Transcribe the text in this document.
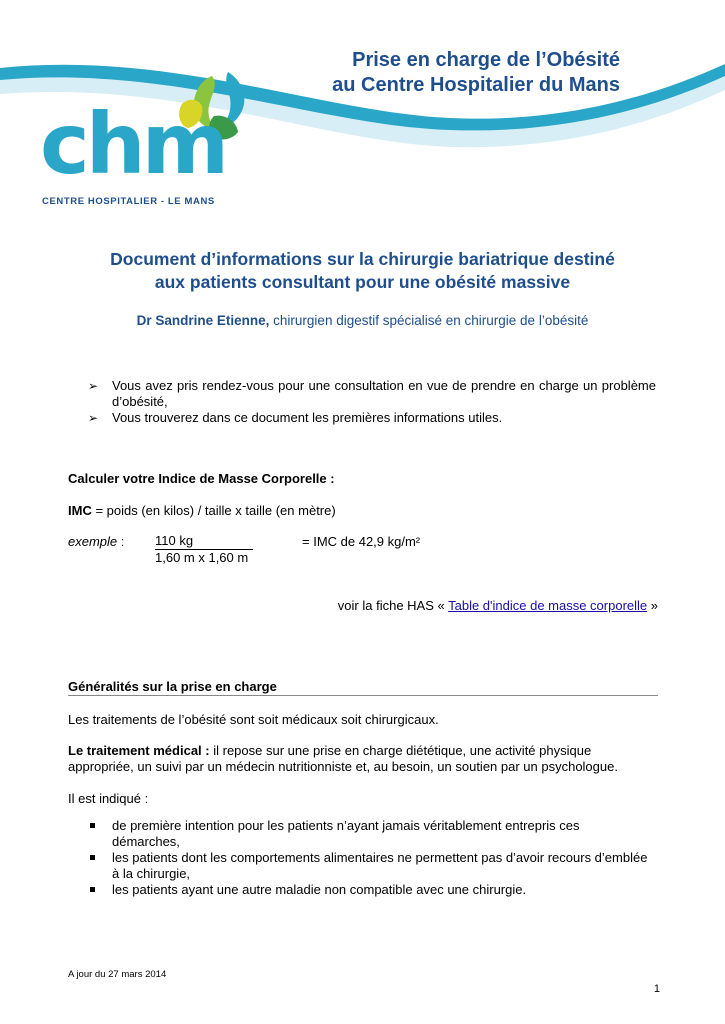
chm
CENTRE HOSPITALIER - LE MANS
Prise en charge de l’Obésité
au Centre Hospitalier du Mans
Document d’informations sur la chirurgie bariatrique destiné
aux patients consultant pour une obésité massive
Dr Sandrine Etienne, chirurgien digestif spécialisé en chirurgie de l’obésité
➢ Vous avez pris rendez-vous pour une consultation en vue de prendre en charge un problème d’obésité,
➢ Vous trouverez dans ce document les premières informations utiles.
Calculer votre Indice de Masse Corporelle :
IMC = poids (en kilos) / taille x taille (en mètre)
exemple : 110 kg
1,60 m x 1,60 m
= IMC de 42,9 kg/m²
voir la fiche HAS « Table d'indice de masse corporelle »
Généralités sur la prise en charge
Les traitements de l’obésité sont soit médicaux soit chirurgicaux.
Le traitement médical : il repose sur une prise en charge diététique, une activité physique appropriée, un suivi par un médecin nutritionniste et, au besoin, un soutien par un psychologue.
Il est indiqué :
de première intention pour les patients n’ayant jamais véritablement entrepris ces démarches,
les patients dont les comportements alimentaires ne permettent pas d’avoir recours d’emblée à la chirurgie,
les patients ayant une autre maladie non compatible avec une chirurgie.
A jour du 27 mars 2014
1
